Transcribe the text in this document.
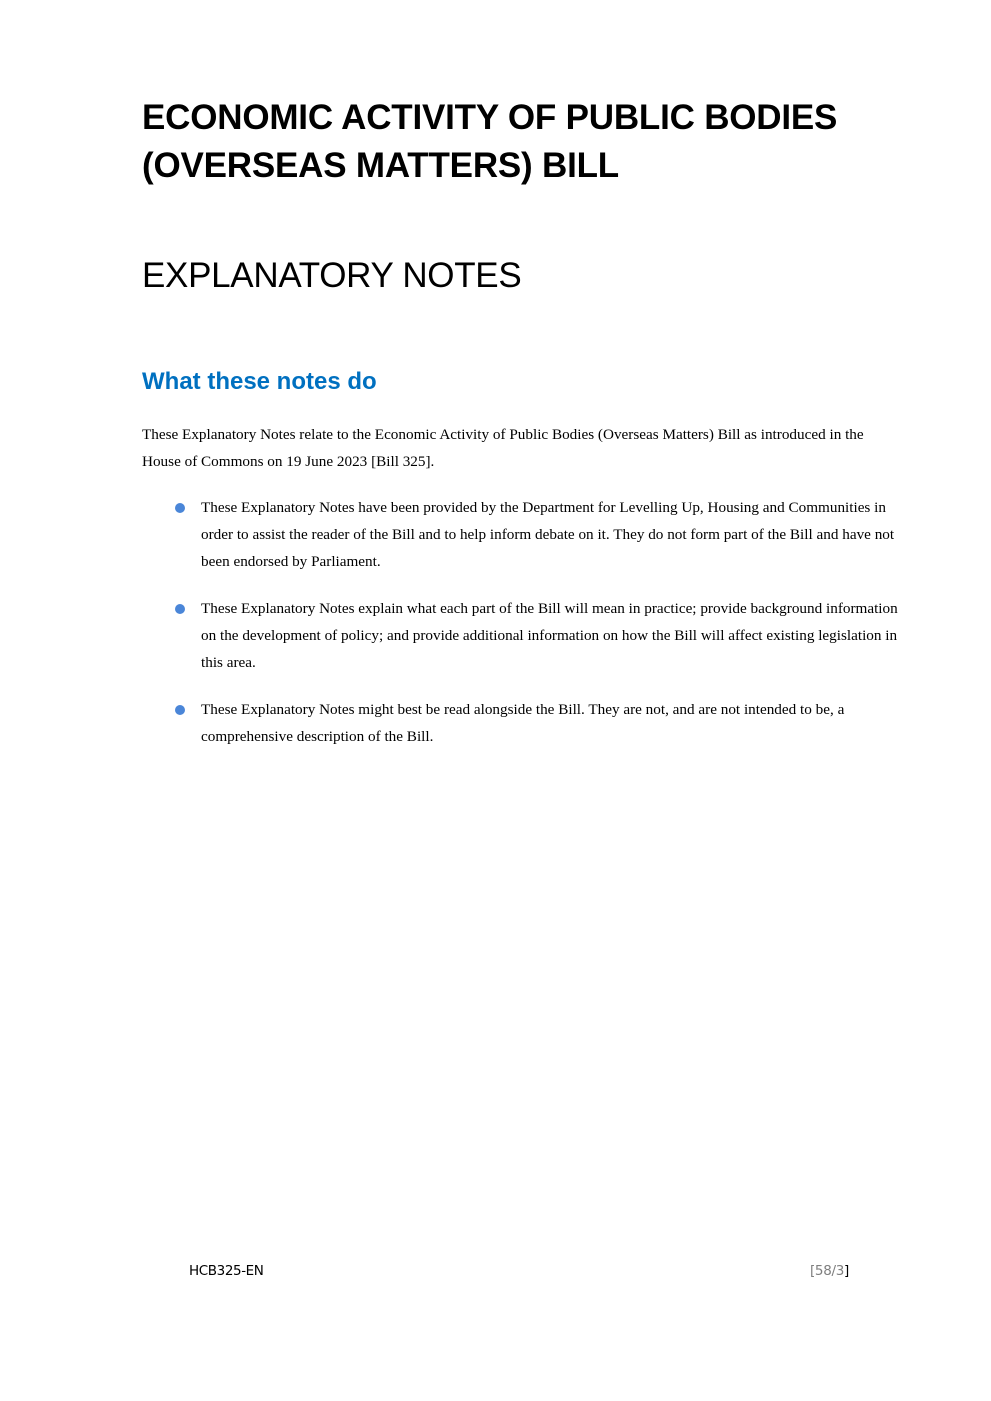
ECONOMIC ACTIVITY OF PUBLIC BODIES (OVERSEAS MATTERS) BILL
EXPLANATORY NOTES
What these notes do

These Explanatory Notes relate to the Economic Activity of Public Bodies (Overseas Matters) Bill as introduced in the House of Commons on 19 June 2023 [Bill 325].

These Explanatory Notes have been provided by the Department for Levelling Up, Housing and Communities in order to assist the reader of the Bill and to help inform debate on it. They do not form part of the Bill and have not been endorsed by Parliament.
These Explanatory Notes explain what each part of the Bill will mean in practice; provide background information on the development of policy; and provide additional information on how the Bill will affect existing legislation in this area.
These Explanatory Notes might best be read alongside the Bill. They are not, and are not intended to be, a comprehensive description of the Bill.
HCB325-EN	[58/3]
